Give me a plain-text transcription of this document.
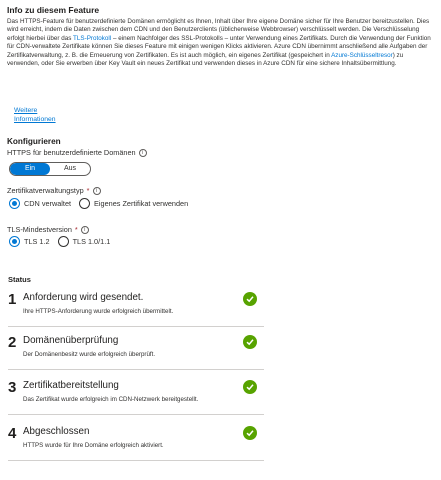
Info zu diesem Feature
Das HTTPS-Feature für benutzerdefinierte Domänen ermöglicht es Ihnen, Inhalt über Ihre eigene Domäne sicher für Ihre Benutzer bereitzustellen. Dies wird erreicht, indem die Daten zwischen dem CDN und den Benutzerclients (üblicherweise Webbrowser) verschlüsselt werden. Die Verschlüsselung erfolgt hierbei über das TLS-Protokoll – einem Nachfolger des SSL-Protokolls – unter Verwendung eines Zertifikats. Durch die Verwendung der Funktion für CDN-verwaltete Zertifikate können Sie dieses Feature mit einigen wenigen Klicks aktivieren. Azure CDN übernimmt anschließend alle Aufgaben der Zertifikatverwaltung, z. B. die Erneuerung von Zertifikaten. Es ist auch möglich, ein eigenes Zertifikat (gespeichert in Azure-Schlüsseltresor) zu verwenden, oder Sie erwerben über Key Vault ein neues Zertifikat und verwenden dieses in Azure CDN für eine sichere Inhaltsübermittlung.
Weitere Informationen
Konfigurieren
HTTPS für benutzerdefinierte Domänen	i
Ein	Aus
Zertifikatverwaltungstyp *	i
CDN verwaltet	Eigenes Zertifikat verwenden
TLS-Mindestversion *	i
TLS 1.2	TLS 1.0/1.1
Status
1 Anforderung wird gesendet.
Ihre HTTPS-Anforderung wurde erfolgreich übermittelt.
2 Domänenüberprüfung
Der Domänenbesitz wurde erfolgreich überprüft.
3 Zertifikatbereitstellung
Das Zertifikat wurde erfolgreich im CDN-Netzwerk bereitgestellt.
4 Abgeschlossen
HTTPS wurde für Ihre Domäne erfolgreich aktiviert.
